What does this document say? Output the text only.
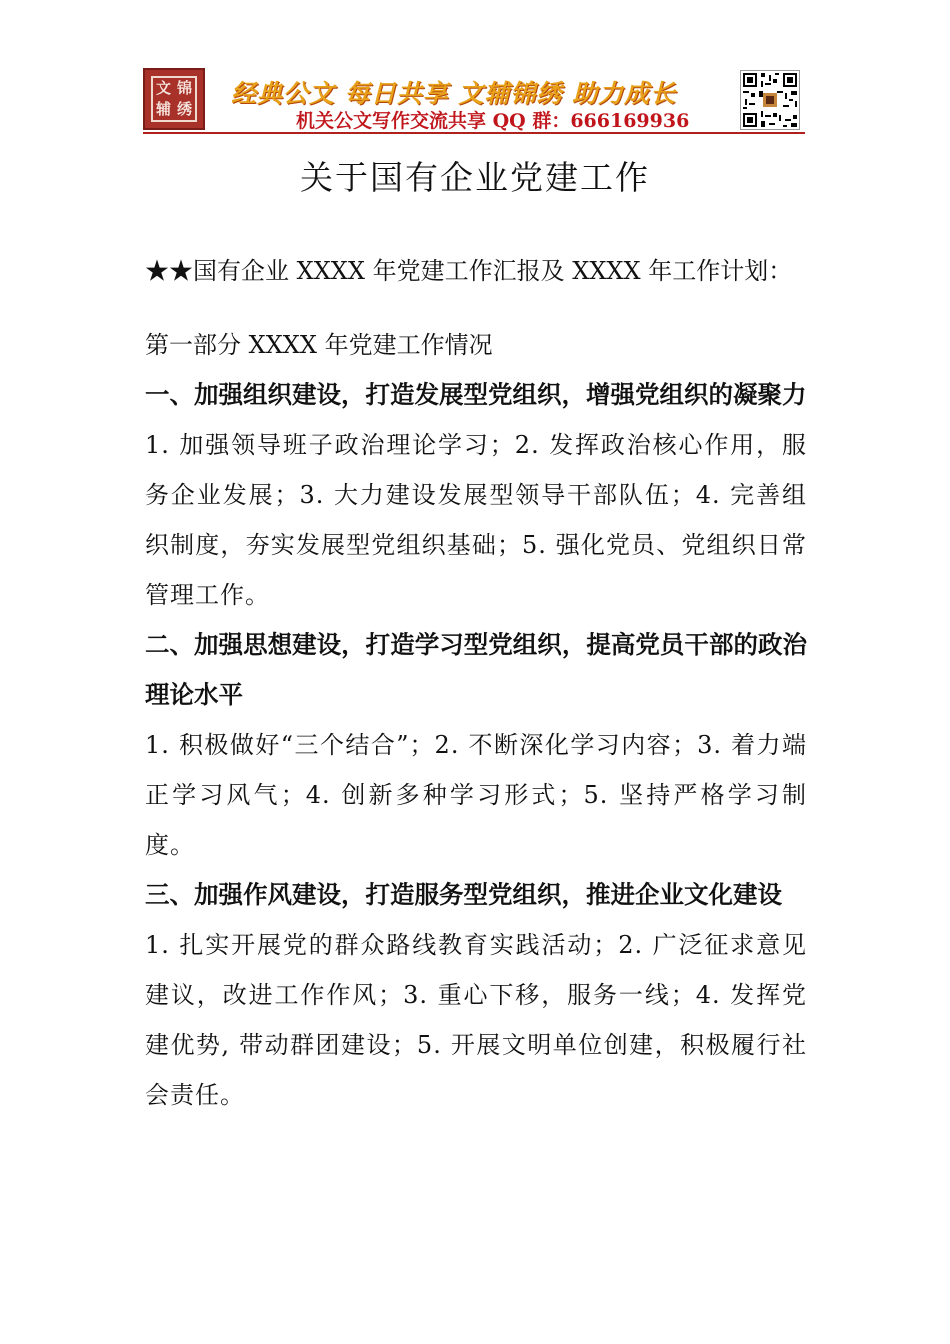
文 锦
辅 绣
经典公文 每日共享 文辅锦绣 助力成长
机关公文写作交流共享 QQ 群：666169936
关于国有企业党建工作

★★国有企业 XXXX 年党建工作汇报及 XXXX 年工作计划：

第一部分 XXXX 年党建工作情况

一、加强组织建设，打造发展型党组织，增强党组织的凝聚力

1. 加强领导班子政治理论学习；2. 发挥政治核心作用，服务企业发展；3. 大力建设发展型领导干部队伍；4. 完善组织制度，夯实发展型党组织基础；5. 强化党员、党组织日常管理工作。

二、加强思想建设，打造学习型党组织，提高党员干部的政治理论水平

1. 积极做好“三个结合”；2. 不断深化学习内容；3. 着力端正学习风气；4. 创新多种学习形式；5. 坚持严格学习制度。

三、加强作风建设，打造服务型党组织，推进企业文化建设

1. 扎实开展党的群众路线教育实践活动；2. 广泛征求意见建议，改进工作作风；3. 重心下移，服务一线；4. 发挥党建优势, 带动群团建设；5. 开展文明单位创建，积极履行社会责任。
